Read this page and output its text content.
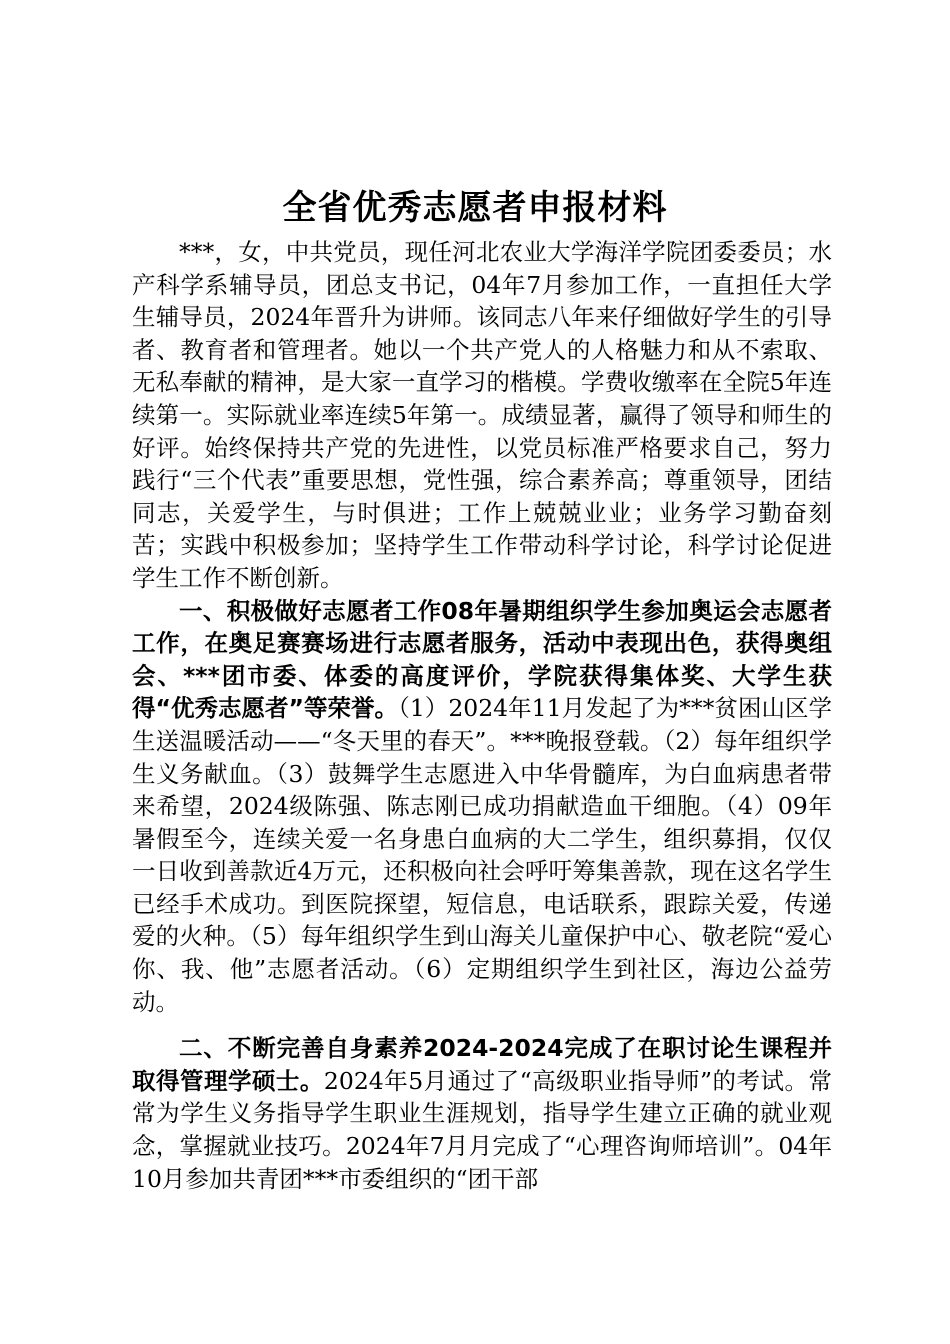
全省优秀志愿者申报材料

***，女，中共党员，现任河北农业大学海洋学院团委委员；水产科学系辅导员，团总支书记，04年7月参加工作，一直担任大学生辅导员，2024年晋升为讲师。该同志八年来仔细做好学生的引导者、教育者和管理者。她以一个共产党人的人格魅力和从不索取、无私奉献的精神，是大家一直学习的楷模。学费收缴率在全院5年连续第一。实际就业率连续5年第一。成绩显著，赢得了领导和师生的好评。始终保持共产党的先进性，以党员标准严格要求自己，努力践行“三个代表”重要思想，党性强，综合素养高；尊重领导，团结同志，关爱学生，与时俱进；工作上兢兢业业；业务学习勤奋刻苦；实践中积极参加；坚持学生工作带动科学讨论，科学讨论促进学生工作不断创新。

一、积极做好志愿者工作08年暑期组织学生参加奥运会志愿者工作，在奥足赛赛场进行志愿者服务，活动中表现出色，获得奥组会、***团市委、体委的高度评价，学院获得集体奖、大学生获得“优秀志愿者”等荣誉。（1）2024年11月发起了为***贫困山区学生送温暖活动——“冬天里的春天”。***晚报登载。（2）每年组织学生义务献血。（3）鼓舞学生志愿进入中华骨髓库，为白血病患者带来希望，2024级陈强、陈志刚已成功捐献造血干细胞。（4）09年暑假至今，连续关爱一名身患白血病的大二学生，组织募捐，仅仅一日收到善款近4万元，还积极向社会呼吁筹集善款，现在这名学生已经手术成功。到医院探望，短信息，电话联系，跟踪关爱，传递爱的火种。（5）每年组织学生到山海关儿童保护中心、敬老院“爱心你、我、他”志愿者活动。（6）定期组织学生到社区，海边公益劳动。

二、不断完善自身素养2024-2024完成了在职讨论生课程并取得管理学硕士。2024年5月通过了“高级职业指导师”的考试。常常为学生义务指导学生职业生涯规划，指导学生建立正确的就业观念，掌握就业技巧。2024年7月月完成了“心理咨询师培训”。04年10月参加共青团***市委组织的“团干部
